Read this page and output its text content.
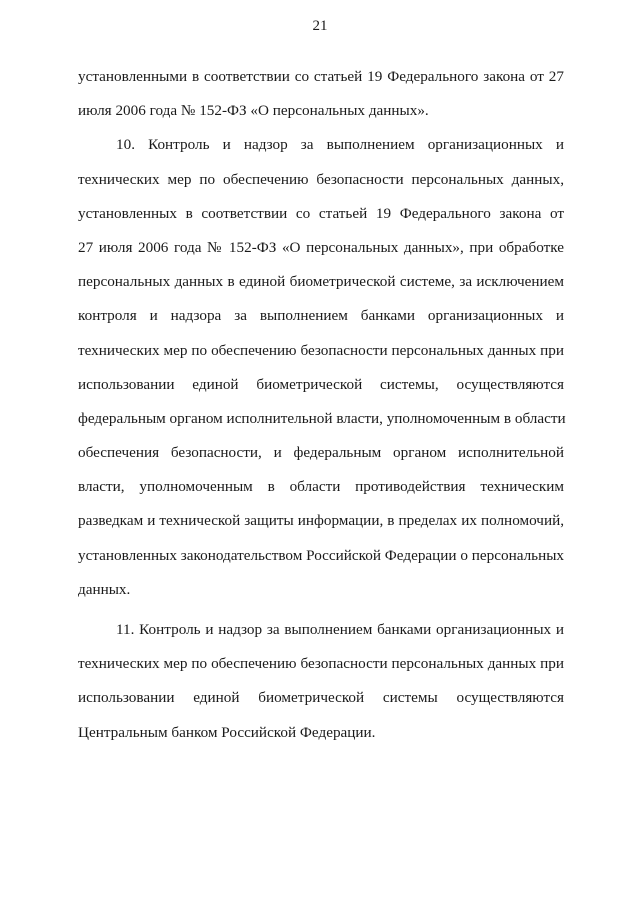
21
установленными в соответствии со статьей 19 Федерального закона от 27
июля 2006 года № 152-ФЗ «О персональных данных».
10. Контроль и надзор за выполнением организационных и
технических мер по обеспечению безопасности персональных данных,
установленных в соответствии со статьей 19 Федерального закона от
27 июля 2006 года № 152-ФЗ «О персональных данных», при обработке
персональных данных в единой биометрической системе, за исключением
контроля и надзора за выполнением банками организационных и
технических мер по обеспечению безопасности персональных данных при
использовании единой биометрической системы, осуществляются
федеральным органом исполнительной власти, уполномоченным в области
обеспечения безопасности, и федеральным органом исполнительной
власти, уполномоченным в области противодействия техническим
разведкам и технической защиты информации, в пределах их полномочий,
установленных законодательством Российской Федерации о персональных
данных.
11. Контроль и надзор за выполнением банками организационных и
технических мер по обеспечению безопасности персональных данных при
использовании единой биометрической системы осуществляются
Центральным банком Российской Федерации.
